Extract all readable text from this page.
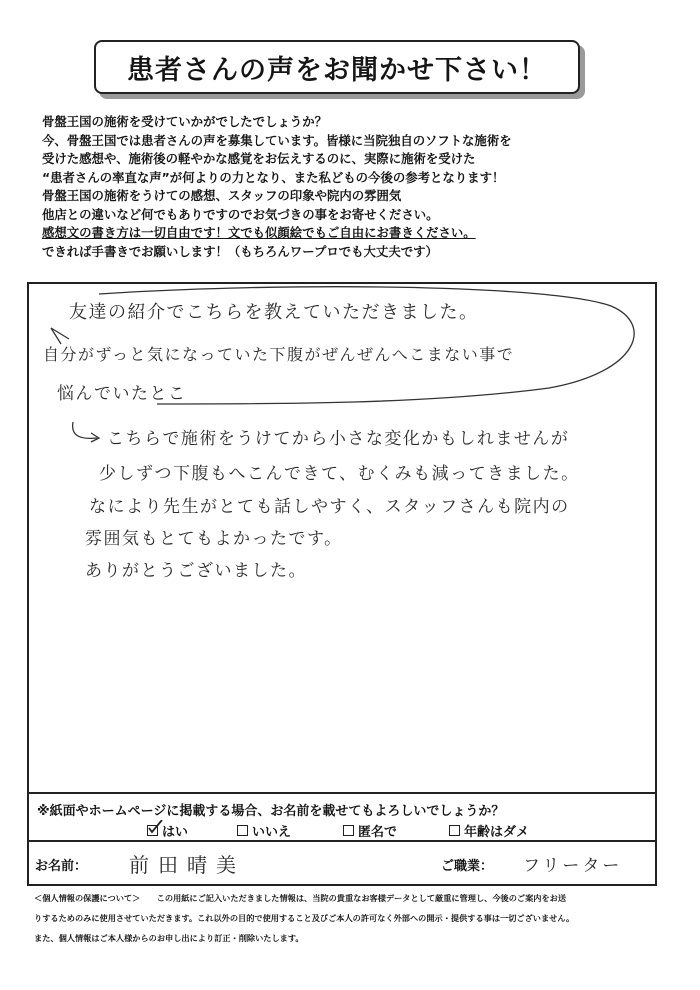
患者さんの声をお聞かせ下さい！
骨盤王国の施術を受けていかがでしたでしょうか？
今、骨盤王国では患者さんの声を募集しています。皆様に当院独自のソフトな施術を
受けた感想や、施術後の軽やかな感覚をお伝えするのに、実際に施術を受けた
“患者さんの率直な声”が何よりの力となり、また私どもの今後の参考となります！
骨盤王国の施術をうけての感想、スタッフの印象や院内の雰囲気
他店との違いなど何でもありですのでお気づきの事をお寄せください。
感想文の書き方は一切自由です！文でも似顔絵でもご自由にお書きください。
できれば手書きでお願いします！（もちろんワープロでも大丈夫です）
友達の紹介でこちらを教えていただきました。
自分がずっと気になっていた下腹がぜんぜんへこまない事で
悩んでいたとこ
こちらで施術をうけてから小さな変化かもしれませんが
少しずつ下腹もへこんできて、むくみも減ってきました。
なにより先生がとても話しやすく、スタッフさんも院内の
雰囲気もとてもよかったです。
ありがとうございました。
※紙面やホームページに掲載する場合、お名前を載せてもよろしいでしょうか？
はい	いいえ	匿名で	年齢はダメ
お名前： 前田晴美	ご職業： フリーター
＜個人情報の保護について＞　　この用紙にご記入いただきました情報は、当院の貴重なお客様データとして厳重に管理し、今後のご案内をお送
りするためのみに使用させていただきます。これ以外の目的で使用すること及びご本人の許可なく外部への開示・提供する事は一切ございません。
また、個人情報はご本人様からのお申し出により訂正・削除いたします。
